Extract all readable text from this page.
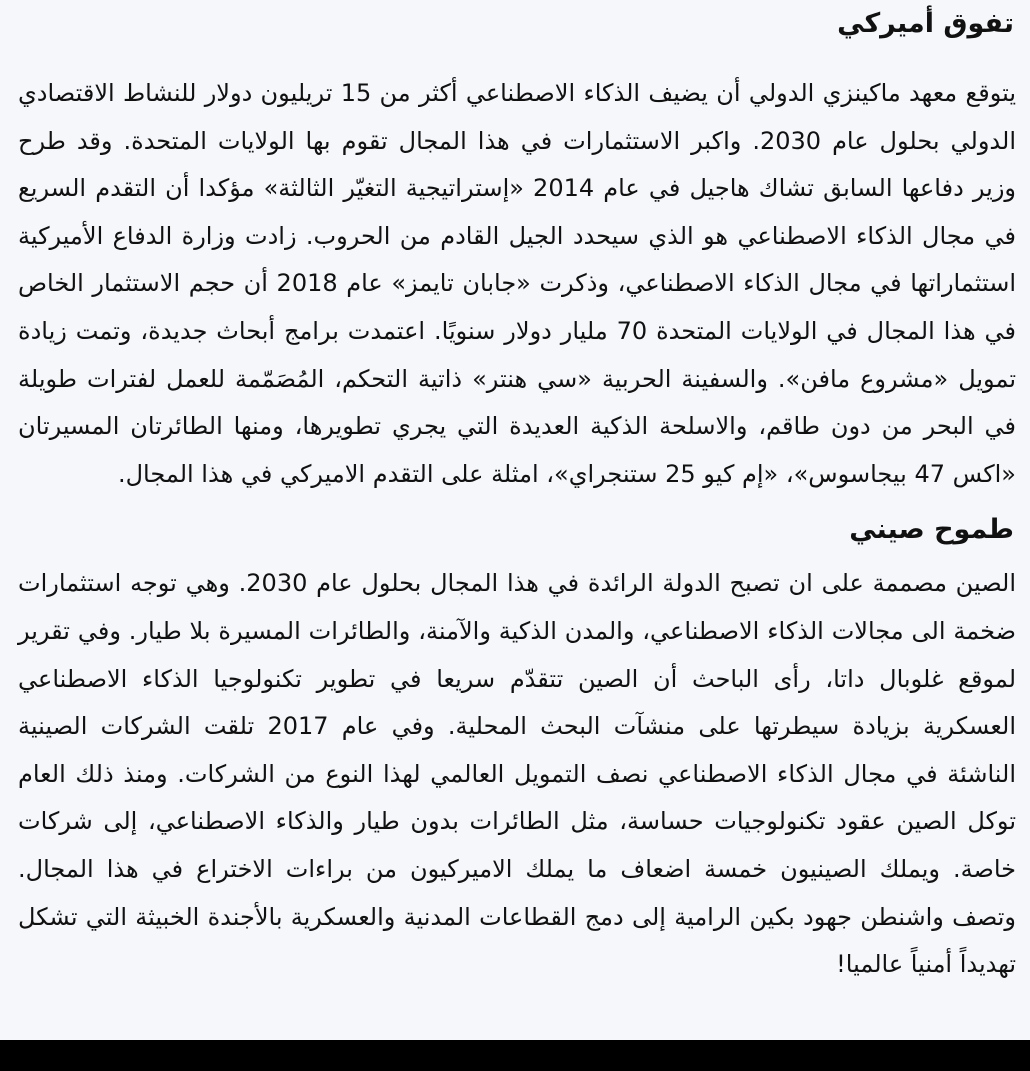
تفوق أميركي

يتوقع معهد ماكينزي الدولي أن يضيف الذكاء الاصطناعي أكثر من 15 تريليون دولار للنشاط الاقتصادي الدولي بحلول عام 2030. واكبر الاستثمارات في هذا المجال تقوم بها الولايات المتحدة. وقد طرح وزير دفاعها السابق تشاك هاجيل في عام 2014 «إستراتيجية التغيّر الثالثة» مؤكدا أن التقدم السريع في مجال الذكاء الاصطناعي هو الذي سيحدد الجيل القادم من الحروب. زادت وزارة الدفاع الأميركية استثماراتها في مجال الذكاء الاصطناعي، وذكرت «جابان تايمز» عام 2018 أن حجم الاستثمار الخاص في هذا المجال في الولايات المتحدة 70 مليار دولار سنويًا. اعتمدت برامج أبحاث جديدة، وتمت زيادة تمويل «مشروع مافن». والسفينة الحربية «سي هنتر» ذاتية التحكم، المُصَمّمة للعمل لفترات طويلة في البحر من دون طاقم، والاسلحة الذكية العديدة التي يجري تطويرها، ومنها الطائرتان المسيرتان «اكس 47 بيجاسوس»، «إم كيو 25 ستنجراي»، امثلة على التقدم الاميركي في هذا المجال.

طموح صيني

الصين مصممة على ان تصبح الدولة الرائدة في هذا المجال بحلول عام 2030. وهي توجه استثمارات ضخمة الى مجالات الذكاء الاصطناعي، والمدن الذكية والآمنة، والطائرات المسيرة بلا طيار. وفي تقرير لموقع غلوبال داتا، رأى الباحث أن الصين تتقدّم سريعا في تطوير تكنولوجيا الذكاء الاصطناعي العسكرية بزيادة سيطرتها على منشآت البحث المحلية. وفي عام 2017 تلقت الشركات الصينية الناشئة في مجال الذكاء الاصطناعي نصف التمويل العالمي لهذا النوع من الشركات. ومنذ ذلك العام توكل الصين عقود تكنولوجيات حساسة، مثل الطائرات بدون طيار والذكاء الاصطناعي، إلى شركات خاصة. ويملك الصينيون خمسة اضعاف ما يملك الاميركيون من براءات الاختراع في هذا المجال. وتصف واشنطن جهود بكين الرامية إلى دمج القطاعات المدنية والعسكرية بالأجندة الخبيثة التي تشكل تهديداً أمنياً عالميا!
